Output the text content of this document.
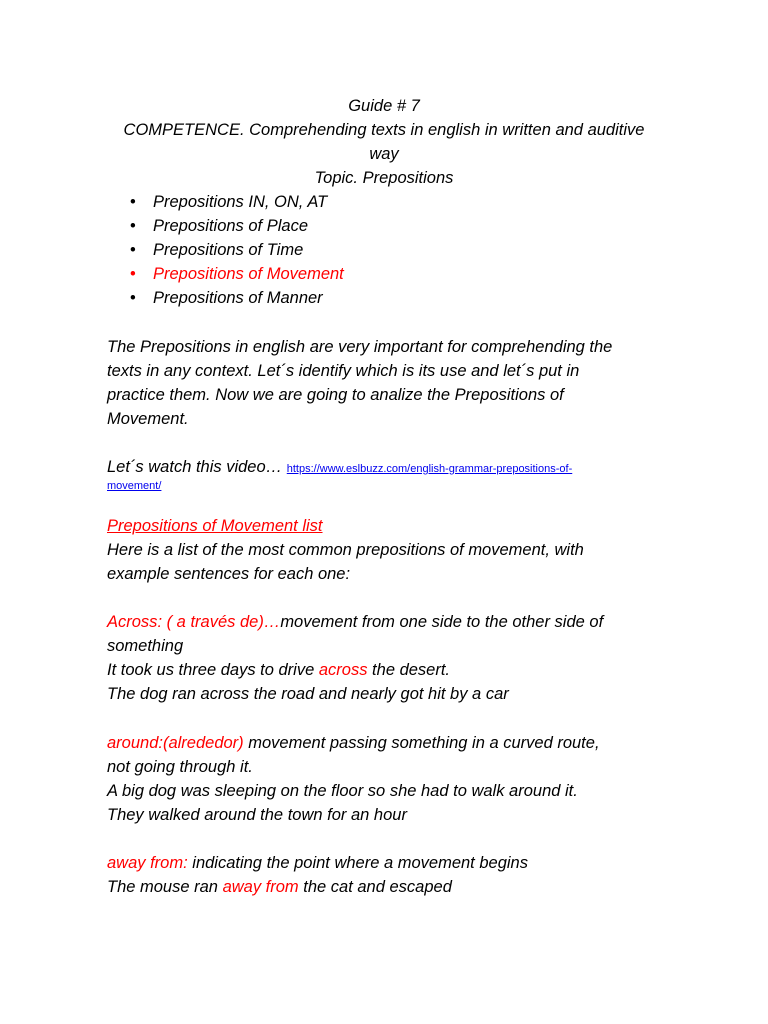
Guide # 7
COMPETENCE. Comprehending texts in english in written and auditive
way
Topic. Prepositions
• Prepositions IN, ON, AT
• Prepositions of Place
• Prepositions of Time
• Prepositions of Movement
• Prepositions of Manner
The Prepositions in english are very important for comprehending the
texts in any context. Let´s identify which is its use and let´s put in
practice them. Now we are going to analize the Prepositions of
Movement.
Let´s watch this video… https://www.eslbuzz.com/english-grammar-prepositions-of-
movement/
Prepositions of Movement list
Here is a list of the most common prepositions of movement, with
example sentences for each one:
Across: ( a través de)…movement from one side to the other side of
something
It took us three days to drive across the desert.
The dog ran across the road and nearly got hit by a car
around:(alrededor) movement passing something in a curved route,
not going through it.
A big dog was sleeping on the floor so she had to walk around it.
They walked around the town for an hour
away from: indicating the point where a movement begins
The mouse ran away from the cat and escaped
